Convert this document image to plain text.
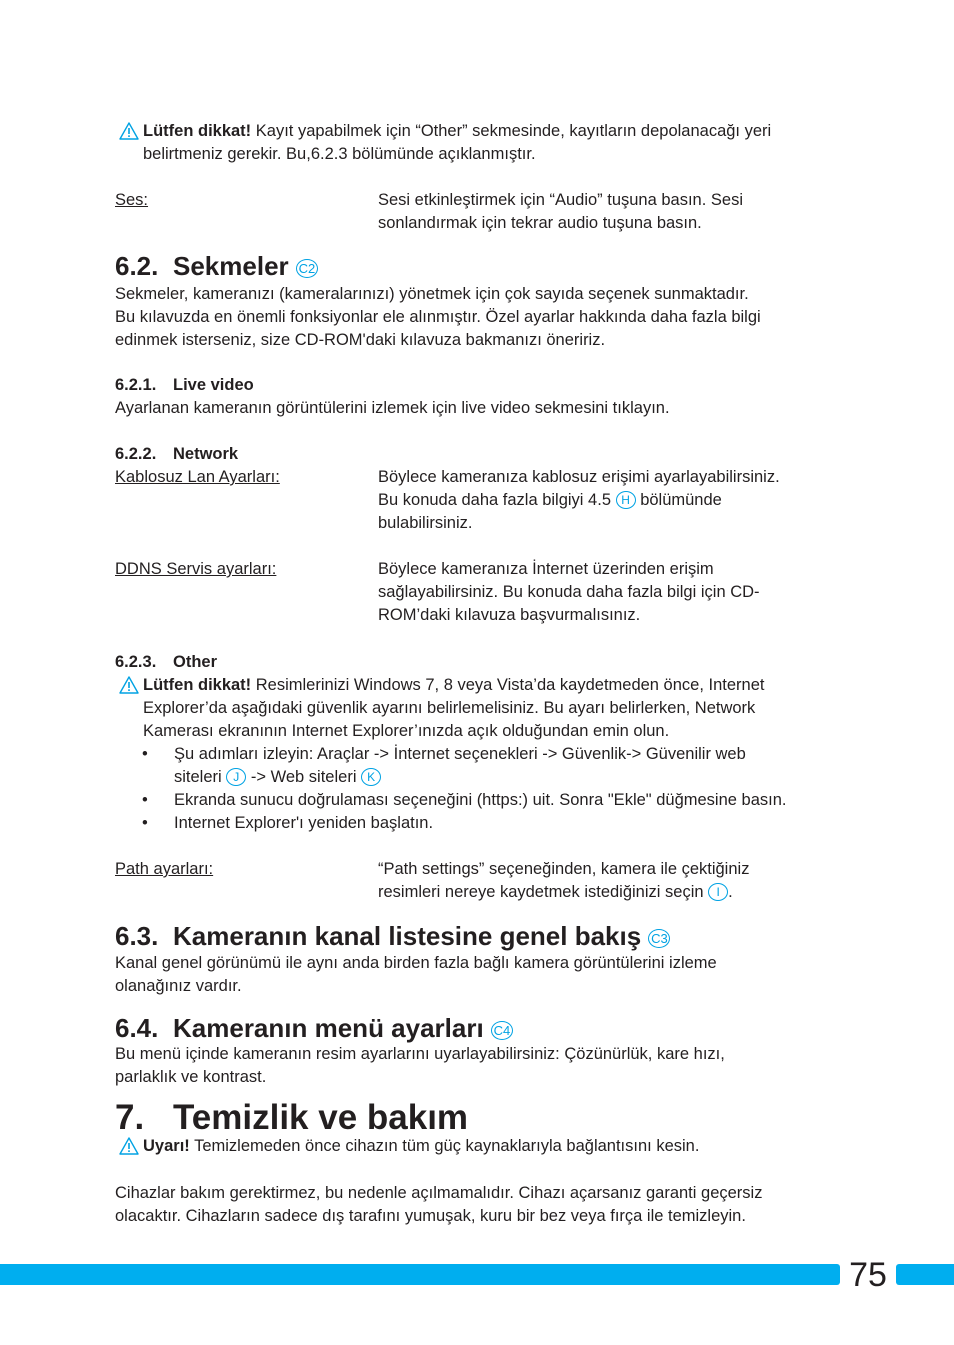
Lütfen dikkat! Kayıt yapabilmek için “Other” sekmesinde, kayıtların depolanacağı yeri
belirtmeniz gerekir. Bu,6.2.3 bölümünde açıklanmıştır.
Ses:	Sesi etkinleştirmek için “Audio” tuşuna basın. Sesi
sonlandırmak için tekrar audio tuşuna basın.
6.2. Sekmeler C2
Sekmeler, kameranızı (kameralarınızı) yönetmek için çok sayıda seçenek sunmaktadır.
Bu kılavuzda en önemli fonksiyonlar ele alınmıştır. Özel ayarlar hakkında daha fazla bilgi
edinmek isterseniz, size CD-ROM'daki kılavuza bakmanızı öneririz.
6.2.1. Live video
Ayarlanan kameranın görüntülerini izlemek için live video sekmesini tıklayın.
6.2.2. Network
Kablosuz Lan Ayarları:	Böylece kameranıza kablosuz erişimi ayarlayabilirsiniz.
Bu konuda daha fazla bilgiyi 4.5 H bölümünde
bulabilirsiniz.
DDNS Servis ayarları:	Böylece kameranıza İnternet üzerinden erişim
sağlayabilirsiniz. Bu konuda daha fazla bilgi için CD-
ROM’daki kılavuza başvurmalısınız.
6.2.3. Other
Lütfen dikkat! Resimlerinizi Windows 7, 8 veya Vista’da kaydetmeden önce, Internet
Explorer’da aşağıdaki güvenlik ayarını belirlemelisiniz. Bu ayarı belirlerken, Network
Kamerası ekranının Internet Explorer’ınızda açık olduğundan emin olun.
• Şu adımları izleyin: Araçlar -> İnternet seçenekleri -> Güvenlik-> Güvenilir web
siteleri J -> Web siteleri K
• Ekranda sunucu doğrulaması seçeneğini (https:) uit. Sonra "Ekle" düğmesine basın.
• Internet Explorer'ı yeniden başlatın.
Path ayarları:	“Path settings” seçeneğinden, kamera ile çektiğiniz
resimleri nereye kaydetmek istediğinizi seçin I .
6.3. Kameranın kanal listesine genel bakış C3
Kanal genel görünümü ile aynı anda birden fazla bağlı kamera görüntülerini izleme
olanağınız vardır.
6.4. Kameranın menü ayarları C4
Bu menü içinde kameranın resim ayarlarını uyarlayabilirsiniz: Çözünürlük, kare hızı,
parlaklık ve kontrast.
7. Temizlik ve bakım
Uyarı! Temizlemeden önce cihazın tüm güç kaynaklarıyla bağlantısını kesin.
Cihazlar bakım gerektirmez, bu nedenle açılmamalıdır. Cihazı açarsanız garanti geçersiz
olacaktır. Cihazların sadece dış tarafını yumuşak, kuru bir bez veya fırça ile temizleyin.
75
